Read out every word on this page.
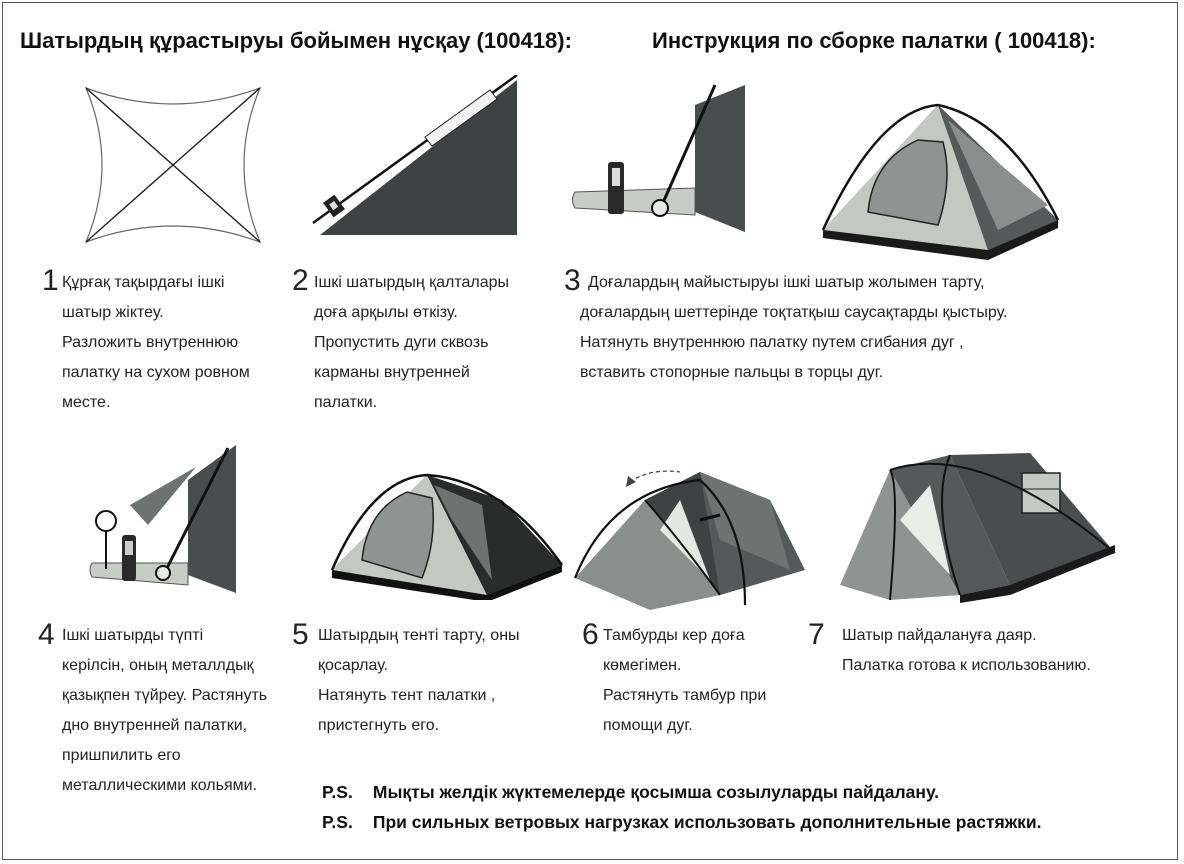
Шатырдың құрастыруы бойымен нұсқау (100418):	Инструкция по сборке палатки ( 100418):
1 Құрғақ тақырдағы ішкі
шатыр жіктеу.
Разложить внутреннюю
палатку на сухом ровном
месте.
2 Ішкі шатырдың қалталары
доға арқылы өткізу.
Пропустить дуги сквозь
карманы внутренней
палатки.
3 Доғалардың майыстыруы ішкі шатыр жолымен тарту,
доғалардың шеттерінде тоқтатқыш саусақтарды қыстыру.
Натянуть внутреннюю палатку путем сгибания дуг ,
вставить стопорные пальцы в торцы дуг.
4 Ішкі шатырды түпті
керілсін, оның металлдық
қазықпен түйреу. Растянуть
дно внутренней палатки,
пришпилить его
металлическими кольями.
5 Шатырдың тенті тарту, оны
қосарлау.
Натянуть тент палатки ,
пристегнуть его.
6 Тамбурды кер доға
көмегімен.
Растянуть тамбур при
помощи дуг.
7 Шатыр пайдалануға даяр.
Палатка готова к использованию.
P.S. Мықты желдік жүктемелерде қосымша созылуларды пайдалану.
P.S. При сильных ветровых нагрузках использовать дополнительные растяжки.
